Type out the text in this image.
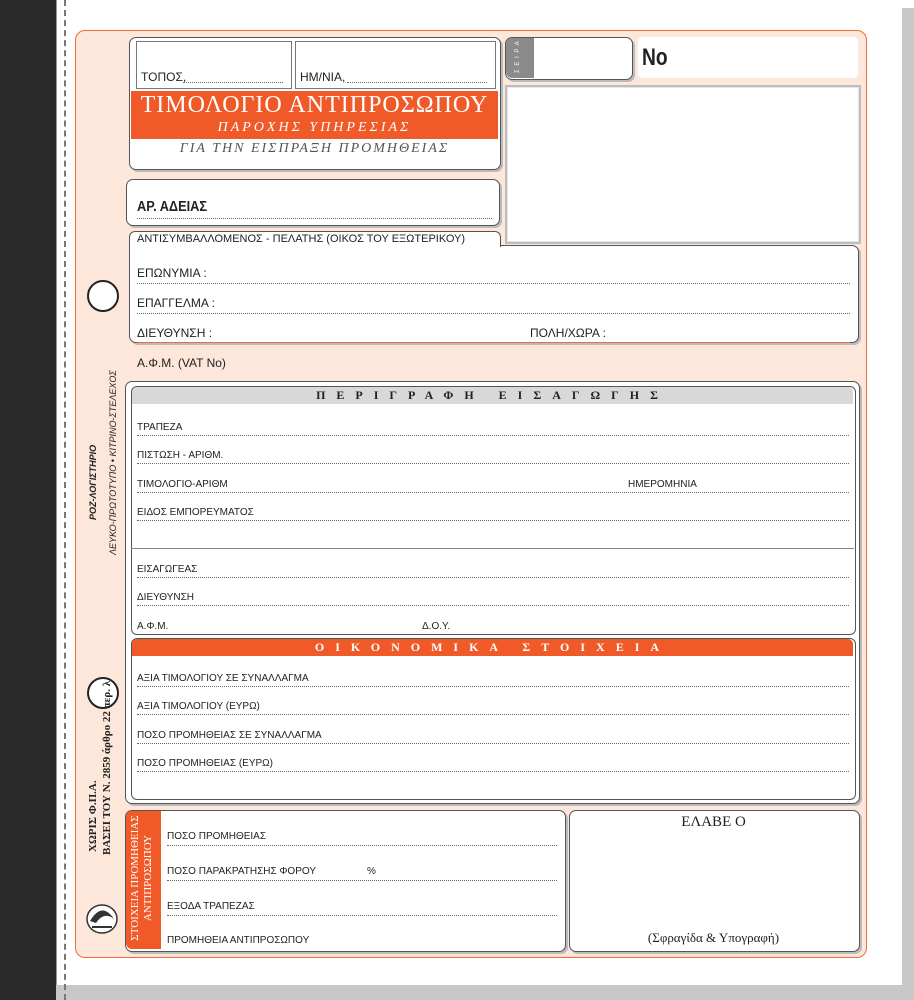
ΡΟΖ-ΛΟΓΙΣΤΗΡΙΟ ΛΕΥΚΟ-ΠΡΩΤΟΤΥΠΟ • ΚΙΤΡΙΝΟ-ΣΤΕΛΕΧΟΣ
ΧΩΡΙΣ Φ.Π.Α. ΒΑΣΕΙ ΤΟΥ Ν. 2859 άρθρο 22 περ. λ
ΤΟΠΟΣ,	ΗΜ/ΝΙΑ,
ΤΙΜΟΛΟΓΙΟ ΑΝΤΙΠΡΟΣΩΠΟΥ
ΠΑΡΟΧΗΣ ΥΠΗΡΕΣΙΑΣ
ΓΙΑ ΤΗΝ ΕΙΣΠΡΑΞΗ ΠΡΟΜΗΘΕΙΑΣ
Σ Ε Ι Ρ Α	No
ΑΡ. ΑΔΕΙΑΣ
ΑΝΤΙΣΥΜΒΑΛΛΟΜΕΝΟΣ - ΠΕΛΑΤΗΣ (ΟΙΚΟΣ ΤΟΥ ΕΞΩΤΕΡΙΚΟΥ)
ΕΠΩΝΥΜΙΑ :
ΕΠΑΓΓΕΛΜΑ :
ΔΙΕΥΘΥΝΣΗ :	ΠΟΛΗ/ΧΩΡΑ :
Α.Φ.Μ. (VAT No)
ΠΕΡΙΓΡΑΦΗ ΕΙΣΑΓΩΓΗΣ
ΤΡΑΠΕΖΑ
ΠΙΣΤΩΣΗ - ΑΡΙΘΜ.
ΤΙΜΟΛΟΓΙΟ-ΑΡΙΘΜ	ΗΜΕΡΟΜΗΝΙΑ
ΕΙΔΟΣ ΕΜΠΟΡΕΥΜΑΤΟΣ
ΕΙΣΑΓΩΓΕΑΣ
ΔΙΕΥΘΥΝΣΗ
Α.Φ.Μ.	Δ.Ο.Υ.
ΟΙΚΟΝΟΜΙΚΑ ΣΤΟΙΧΕΙΑ
ΑΞΙΑ ΤΙΜΟΛΟΓΙΟΥ ΣΕ ΣΥΝΑΛΛΑΓΜΑ
ΑΞΙΑ ΤΙΜΟΛΟΓΙΟΥ (ΕΥΡΩ)
ΠΟΣΟ ΠΡΟΜΗΘΕΙΑΣ ΣΕ ΣΥΝΑΛΛΑΓΜΑ
ΠΟΣΟ ΠΡΟΜΗΘΕΙΑΣ (ΕΥΡΩ)
ΣΤΟΙΧΕΙΑ ΠΡΟΜΗΘΕΙΑΣ ΑΝΤΙΠΡΟΣΩΠΟΥ ΠΟΣΟ ΠΡΟΜΗΘΕΙΑΣ
ΠΟΣΟ ΠΑΡΑΚΡΑΤΗΣΗΣ ΦΟΡΟΥ	%
ΕΞΟΔΑ ΤΡΑΠΕΖΑΣ
ΠΡΟΜΗΘΕΙΑ ΑΝΤΙΠΡΟΣΩΠΟΥ
ΕΛΑΒΕ Ο
(Σφραγίδα & Υπογραφή)
